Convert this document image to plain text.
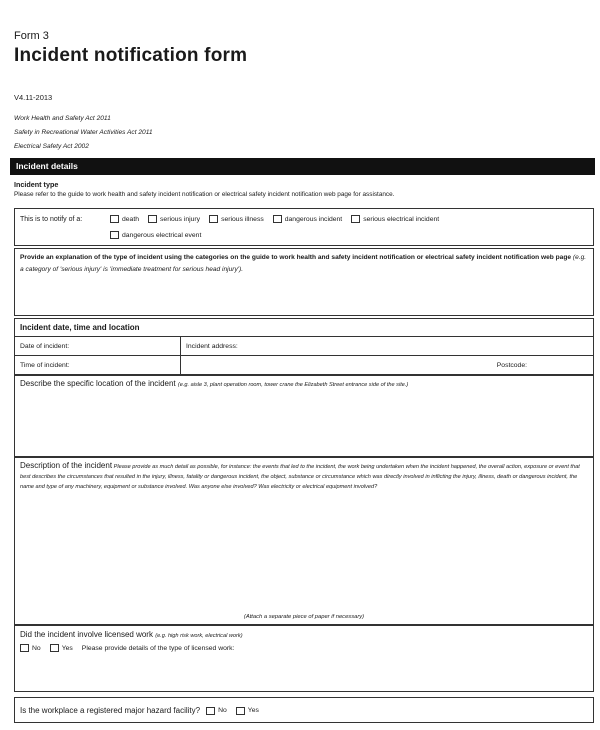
Form 3
Incident notification form
V4.11-2013
Work Health and Safety Act 2011
Safety in Recreational Water Activities Act 2011
Electrical Safety Act 2002
Incident details
Incident type
Please refer to the guide to work health and safety incident notification or electrical safety incident notification web page for assistance.
This is to notify of a:	death	serious injury	serious illness	dangerous incident	serious electrical incident
dangerous electrical event
Provide an explanation of the type of incident using the categories on the guide to work health and safety incident notification or electrical safety incident notification web page (e.g. a category of 'serious injury' is 'immediate treatment for serious head injury').
Incident date, time and location
Date of incident:	Incident address:
Time of incident:	Postcode:
Describe the specific location of the incident (e.g. aisle 3, plant operation room, tower crane the Elizabeth Street entrance side of the site.)
Description of the incident Please provide as much detail as possible, for instance: the events that led to the incident, the work being undertaken when the incident happened, the overall action, exposure or event that best describes the circumstances that resulted in the injury, illness, fatality or dangerous incident, the object, substance or circumstance which was directly involved in inflicting the injury, illness, death or dangerous incident, the name and type of any machinery, equipment or substance involved. Was anyone else involved? Was electricity or electrical equipment involved?
(Attach a separate piece of paper if necessary)
Did the incident involve licensed work (e.g. high risk work, electrical work)
No	Yes Please provide details of the type of licensed work:
Is the workplace a registered major hazard facility?	No	Yes
